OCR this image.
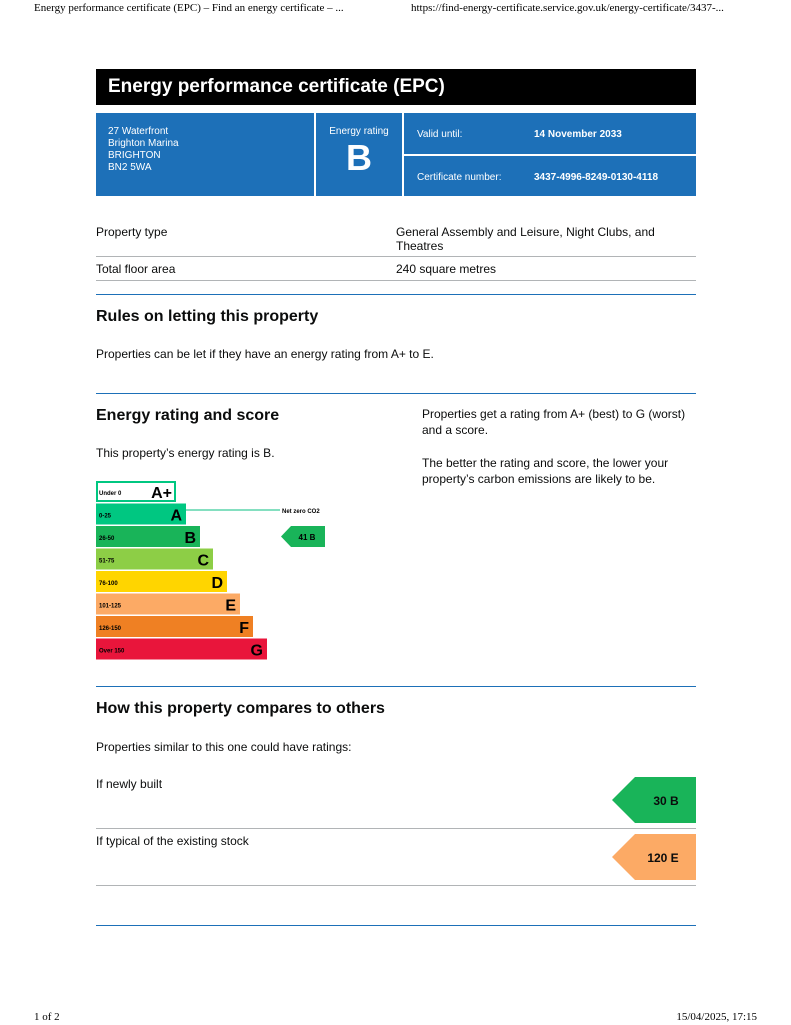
Energy performance certificate (EPC) – Find an energy certificate – ...	https://find-energy-certificate.service.gov.uk/energy-certificate/3437-...
Energy performance certificate (EPC)
27 Waterfront
Brighton Marina
BRIGHTON
BN2 5WA
Energy rating
B
Valid until:	14 November 2033
Certificate number:	3437-4996-8249-0130-4118
Property type	General Assembly and Leisure, Night Clubs, and Theatres
Total floor area	240 square metres
Rules on letting this property
Properties can be let if they have an energy rating from A+ to E.
Energy rating and score
This property’s energy rating is B.
Properties get a rating from A+ (best) to G (worst) and a score.
The better the rating and score, the lower your property’s carbon emissions are likely to be.
Under 0 A+
Net zero CO2
0-25	A
26-50	B
51-75	C
76-100	D
101-125	E
126-150	F
Over 150	G
41 B
How this property compares to others
Properties similar to this one could have ratings:
If newly built
30 B
If typical of the existing stock
120 E
1 of 2	15/04/2025, 17:15
